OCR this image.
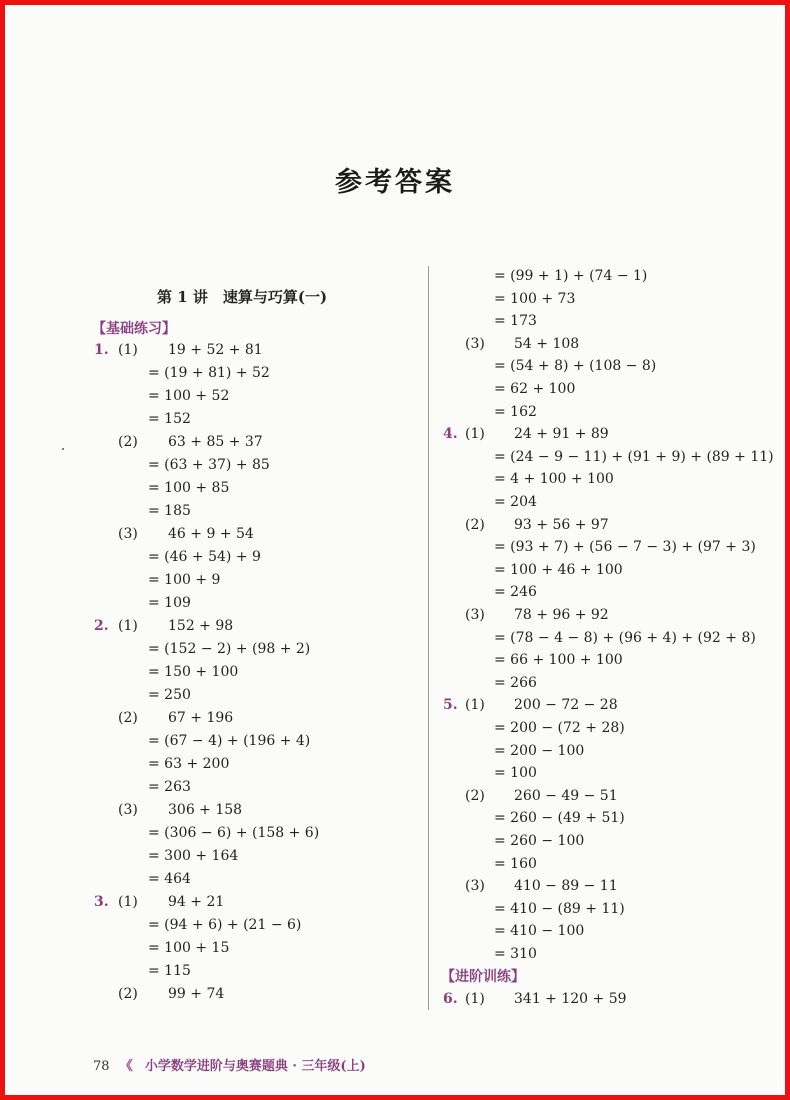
参考答案
第 1 讲　速算与巧算(一)
【基础练习】
1. (1) 19 + 52 + 81
= (19 + 81) + 52
= 100 + 52
= 152
(2) 63 + 85 + 37
= (63 + 37) + 85
= 100 + 85
= 185
(3) 46 + 9 + 54
= (46 + 54) + 9
= 100 + 9
= 109
2. (1) 152 + 98
= (152 − 2) + (98 + 2)
= 150 + 100
= 250
(2) 67 + 196
= (67 − 4) + (196 + 4)
= 63 + 200
= 263
(3) 306 + 158
= (306 − 6) + (158 + 6)
= 300 + 164
= 464
3. (1) 94 + 21
= (94 + 6) + (21 − 6)
= 100 + 15
= 115
(2) 99 + 74
= (99 + 1) + (74 − 1)
= 100 + 73
= 173
(3) 54 + 108
= (54 + 8) + (108 − 8)
= 62 + 100
= 162
4. (1) 24 + 91 + 89
= (24 − 9 − 11) + (91 + 9) + (89 + 11)
= 4 + 100 + 100
= 204
(2) 93 + 56 + 97
= (93 + 7) + (56 − 7 − 3) + (97 + 3)
= 100 + 46 + 100
= 246
(3) 78 + 96 + 92
= (78 − 4 − 8) + (96 + 4) + (92 + 8)
= 66 + 100 + 100
= 266
5. (1) 200 − 72 − 28
= 200 − (72 + 28)
= 200 − 100
= 100
(2) 260 − 49 − 51
= 260 − (49 + 51)
= 260 − 100
= 160
(3) 410 − 89 − 11
= 410 − (89 + 11)
= 410 − 100
= 310
【进阶训练】
6. (1) 341 + 120 + 59
78 《 小学数学进阶与奥赛题典 · 三年级(上)
